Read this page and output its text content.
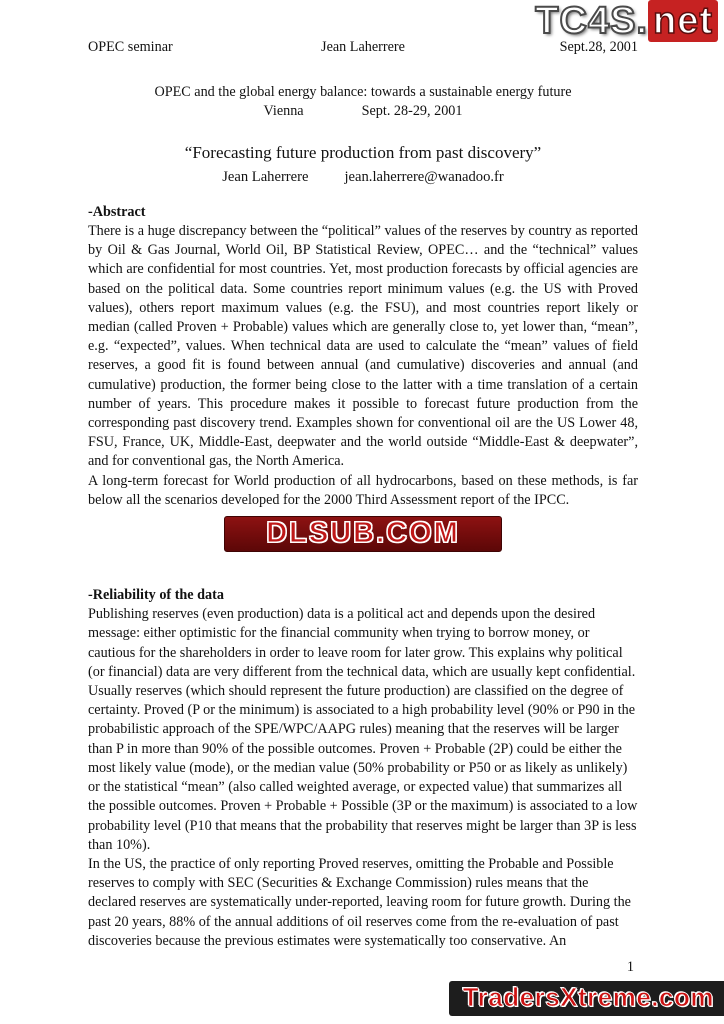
TC4S. net
OPEC seminar	Jean Laherrere	Sept.28, 2001
OPEC and the global energy balance: towards a sustainable energy future
Vienna	Sept. 28-29, 2001
“Forecasting future production from past discovery”
Jean Laherrere jean.laherrere@wanadoo.fr
-Abstract

There is a huge discrepancy between the “political” values of the reserves by country as reported by Oil & Gas Journal, World Oil, BP Statistical Review, OPEC… and the “technical” values which are confidential for most countries. Yet, most production forecasts by official agencies are based on the political data. Some countries report minimum values (e.g. the US with Proved values), others report maximum values (e.g. the FSU), and most countries report likely or median (called Proven + Probable) values which are generally close to, yet lower than, “mean”, e.g. “expected”, values. When technical data are used to calculate the “mean” values of field reserves, a good fit is found between annual (and cumulative) discoveries and annual (and cumulative) production, the former being close to the latter with a time translation of a certain number of years. This procedure makes it possible to forecast future production from the corresponding past discovery trend. Examples shown for conventional oil are the US Lower 48, FSU, France, UK, Middle-East, deepwater and the world outside “Middle-East & deepwater”, and for conventional gas, the North America.

A long-term forecast for World production of all hydrocarbons, based on these methods, is far below all the scenarios developed for the 2000 Third Assessment report of the IPCC.

DLSUB.COM
-Reliability of the data

Publishing reserves (even production) data is a political act and depends upon the desired message: either optimistic for the financial community when trying to borrow money, or cautious for the shareholders in order to leave room for later grow. This explains why political (or financial) data are very different from the technical data, which are usually kept confidential.

Usually reserves (which should represent the future production) are classified on the degree of certainty. Proved (P or the minimum) is associated to a high probability level (90% or P90 in the probabilistic approach of the SPE/WPC/AAPG rules) meaning that the reserves will be larger than P in more than 90% of the possible outcomes. Proven + Probable (2P) could be either the most likely value (mode), or the median value (50% probability or P50 or as likely as unlikely) or the statistical “mean” (also called weighted average, or expected value) that summarizes all the possible outcomes. Proven + Probable + Possible (3P or the maximum) is associated to a low probability level (P10 that means that the probability that reserves might be larger than 3P is less than 10%).

In the US, the practice of only reporting Proved reserves, omitting the Probable and Possible reserves to comply with SEC (Securities & Exchange Commission) rules means that the declared reserves are systematically under-reported, leaving room for future growth. During the past 20 years, 88% of the annual additions of oil reserves come from the re-evaluation of past discoveries because the previous estimates were systematically too conservative. An

1
TradersXtreme.com
